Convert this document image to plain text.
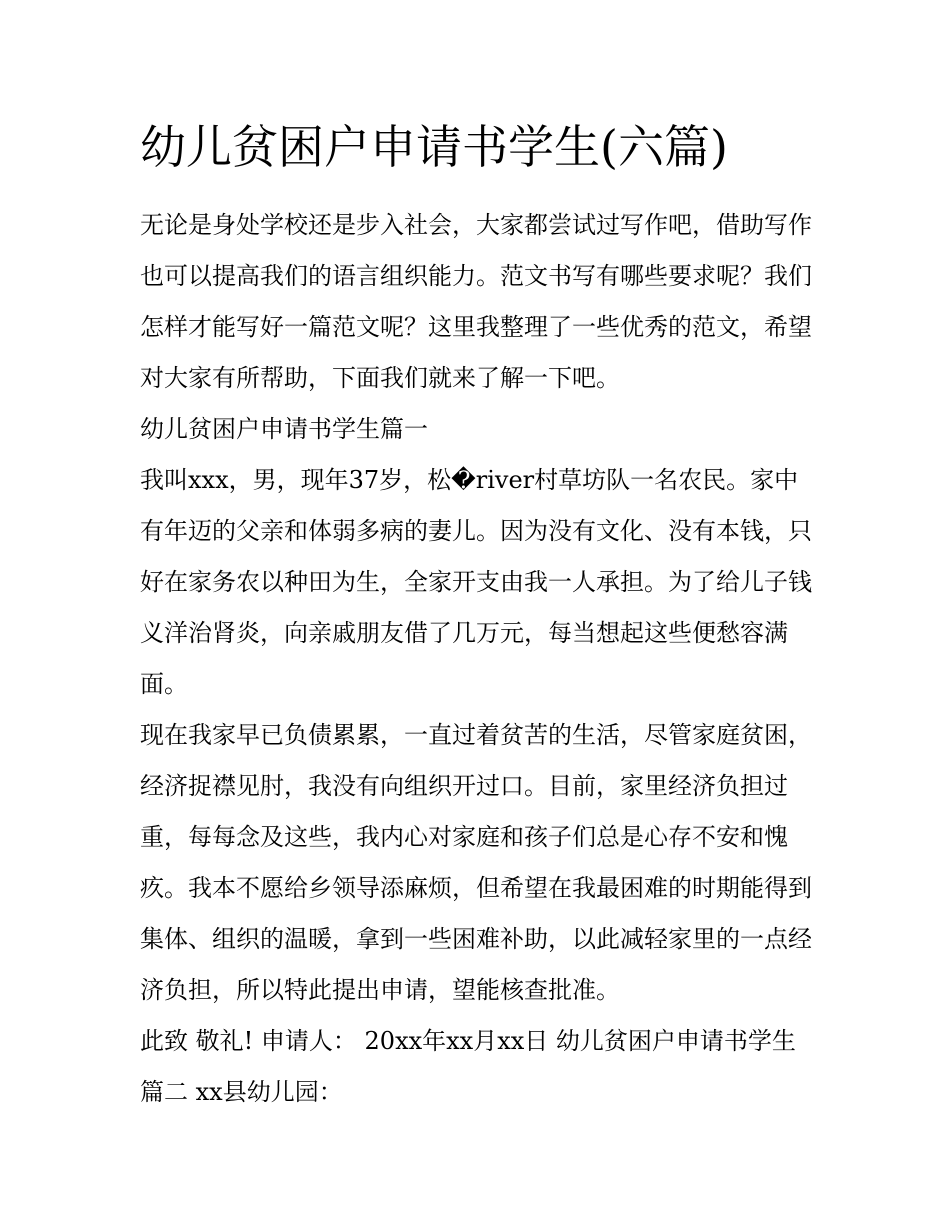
幼儿贫困户申请书学生(六篇)

无论是身处学校还是步入社会，大家都尝试过写作吧，借助写作也可以提高我们的语言组织能力。范文书写有哪些要求呢？我们怎样才能写好一篇范文呢？这里我整理了一些优秀的范文，希望对大家有所帮助，下面我们就来了解一下吧。

幼儿贫困户申请书学生篇一

我叫xxx，男，现年37岁，松�river村草坊队一名农民。家中有年迈的父亲和体弱多病的妻儿。因为没有文化、没有本钱，只好在家务农以种田为生，全家开支由我一人承担。为了给儿子钱义洋治肾炎，向亲戚朋友借了几万元，每当想起这些便愁容满面。

现在我家早已负债累累，一直过着贫苦的生活，尽管家庭贫困，经济捉襟见肘，我没有向组织开过口。目前，家里经济负担过重，每每念及这些，我内心对家庭和孩子们总是心存不安和愧疚。我本不愿给乡领导添麻烦，但希望在我最困难的时期能得到集体、组织的温暖，拿到一些困难补助，以此减轻家里的一点经济负担，所以特此提出申请，望能核查批准。

此致 敬礼! 申请人： 20xx年xx月xx日 幼儿贫困户申请书学生篇二 xx县幼儿园：
